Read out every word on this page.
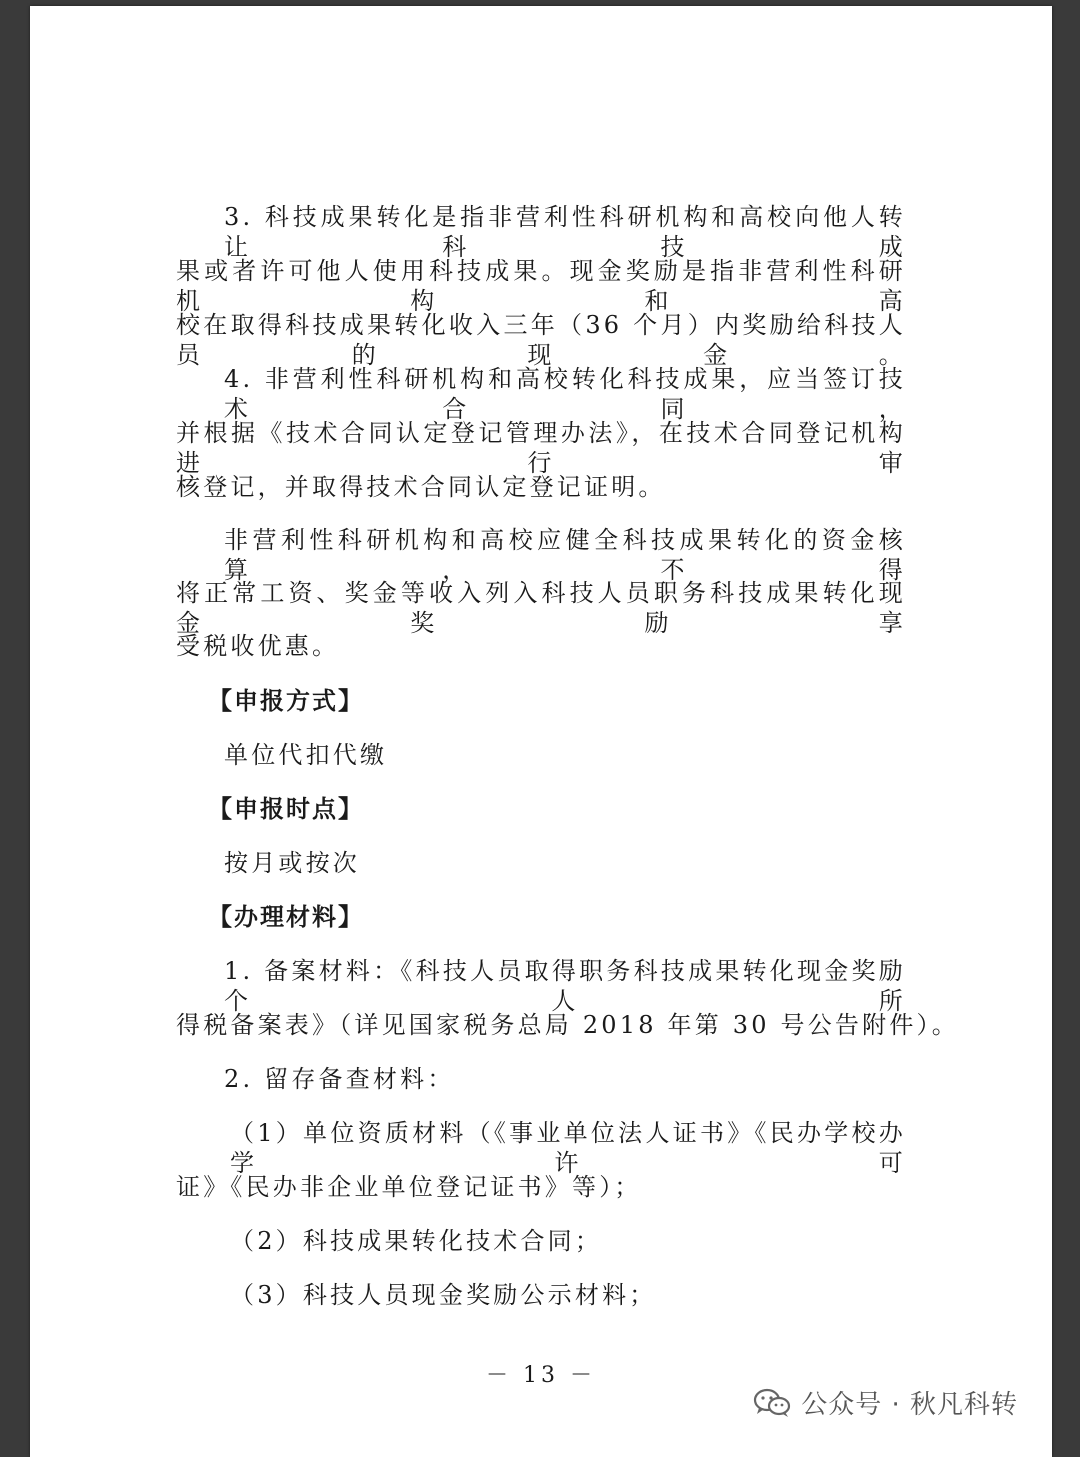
3. 科技成果转化是指非营利性科研机构和高校向他人转让科技成
果或者许可他人使用科技成果。现金奖励是指非营利性科研机构和高
校在取得科技成果转化收入三年（36 个月）内奖励给科技人员的现金。
4. 非营利性科研机构和高校转化科技成果，应当签订技术合同，
并根据《技术合同认定登记管理办法》，在技术合同登记机构进行审
核登记，并取得技术合同认定登记证明。
非营利性科研机构和高校应健全科技成果转化的资金核算，不得
将正常工资、奖金等收入列入科技人员职务科技成果转化现金奖励享
受税收优惠。
【申报方式】
单位代扣代缴
【申报时点】
按月或按次
【办理材料】
1. 备案材料：《科技人员取得职务科技成果转化现金奖励个人所
得税备案表》（详见国家税务总局 2018 年第 30 号公告附件）。
2. 留存备查材料：
（1）单位资质材料（《事业单位法人证书》《民办学校办学许可
证》《民办非企业单位登记证书》等）；
（2）科技成果转化技术合同；
（3）科技人员现金奖励公示材料；
－ 13 －
公众号 · 秋凡科转
